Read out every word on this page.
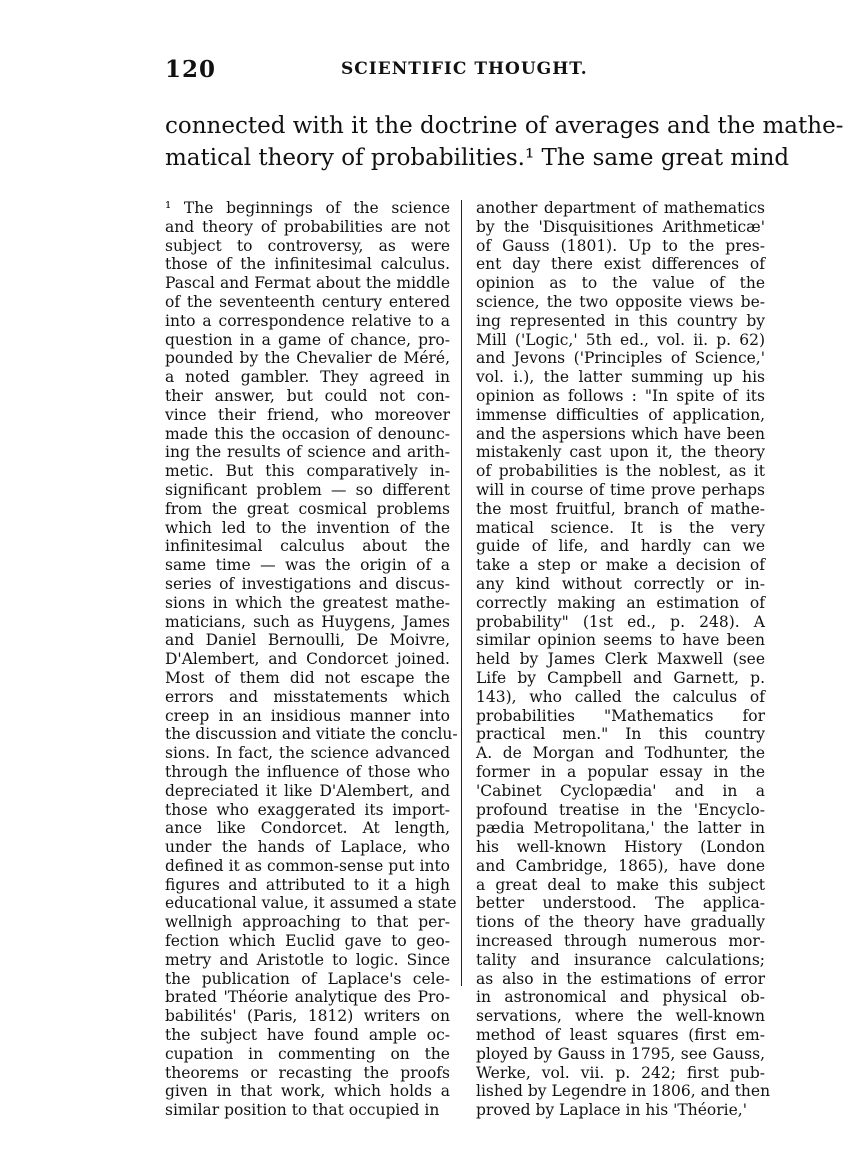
120	SCIENTIFIC THOUGHT.
connected with it the doctrine of averages and the mathe-
matical theory of probabilities.¹ The same great mind
¹ The beginnings of the science
and theory of probabilities are not
subject to controversy, as were
those of the infinitesimal calculus.
Pascal and Fermat about the middle
of the seventeenth century entered
into a correspondence relative to a
question in a game of chance, pro-
pounded by the Chevalier de Méré,
a noted gambler. They agreed in
their answer, but could not con-
vince their friend, who moreover
made this the occasion of denounc-
ing the results of science and arith-
metic. But this comparatively in-
significant problem — so different
from the great cosmical problems
which led to the invention of the
infinitesimal calculus about the
same time — was the origin of a
series of investigations and discus-
sions in which the greatest mathe-
maticians, such as Huygens, James
and Daniel Bernoulli, De Moivre,
D'Alembert, and Condorcet joined.
Most of them did not escape the
errors and misstatements which
creep in an insidious manner into
the discussion and vitiate the conclu-
sions. In fact, the science advanced
through the influence of those who
depreciated it like D'Alembert, and
those who exaggerated its import-
ance like Condorcet. At length,
under the hands of Laplace, who
defined it as common-sense put into
figures and attributed to it a high
educational value, it assumed a state
wellnigh approaching to that per-
fection which Euclid gave to geo-
metry and Aristotle to logic. Since
the publication of Laplace's cele-
brated 'Théorie analytique des Pro-
babilités' (Paris, 1812) writers on
the subject have found ample oc-
cupation in commenting on the
theorems or recasting the proofs
given in that work, which holds a
similar position to that occupied in
another department of mathematics
by the 'Disquisitiones Arithmeticæ'
of Gauss (1801). Up to the pres-
ent day there exist differences of
opinion as to the value of the
science, the two opposite views be-
ing represented in this country by
Mill ('Logic,' 5th ed., vol. ii. p. 62)
and Jevons ('Principles of Science,'
vol. i.), the latter summing up his
opinion as follows : "In spite of its
immense difficulties of application,
and the aspersions which have been
mistakenly cast upon it, the theory
of probabilities is the noblest, as it
will in course of time prove perhaps
the most fruitful, branch of mathe-
matical science. It is the very
guide of life, and hardly can we
take a step or make a decision of
any kind without correctly or in-
correctly making an estimation of
probability" (1st ed., p. 248). A
similar opinion seems to have been
held by James Clerk Maxwell (see
Life by Campbell and Garnett, p.
143), who called the calculus of
probabilities "Mathematics for
practical men." In this country
A. de Morgan and Todhunter, the
former in a popular essay in the
'Cabinet Cyclopædia' and in a
profound treatise in the 'Encyclo-
pædia Metropolitana,' the latter in
his well-known History (London
and Cambridge, 1865), have done
a great deal to make this subject
better understood. The applica-
tions of the theory have gradually
increased through numerous mor-
tality and insurance calculations;
as also in the estimations of error
in astronomical and physical ob-
servations, where the well-known
method of least squares (first em-
ployed by Gauss in 1795, see Gauss,
Werke, vol. vii. p. 242; first pub-
lished by Legendre in 1806, and then
proved by Laplace in his 'Théorie,'
